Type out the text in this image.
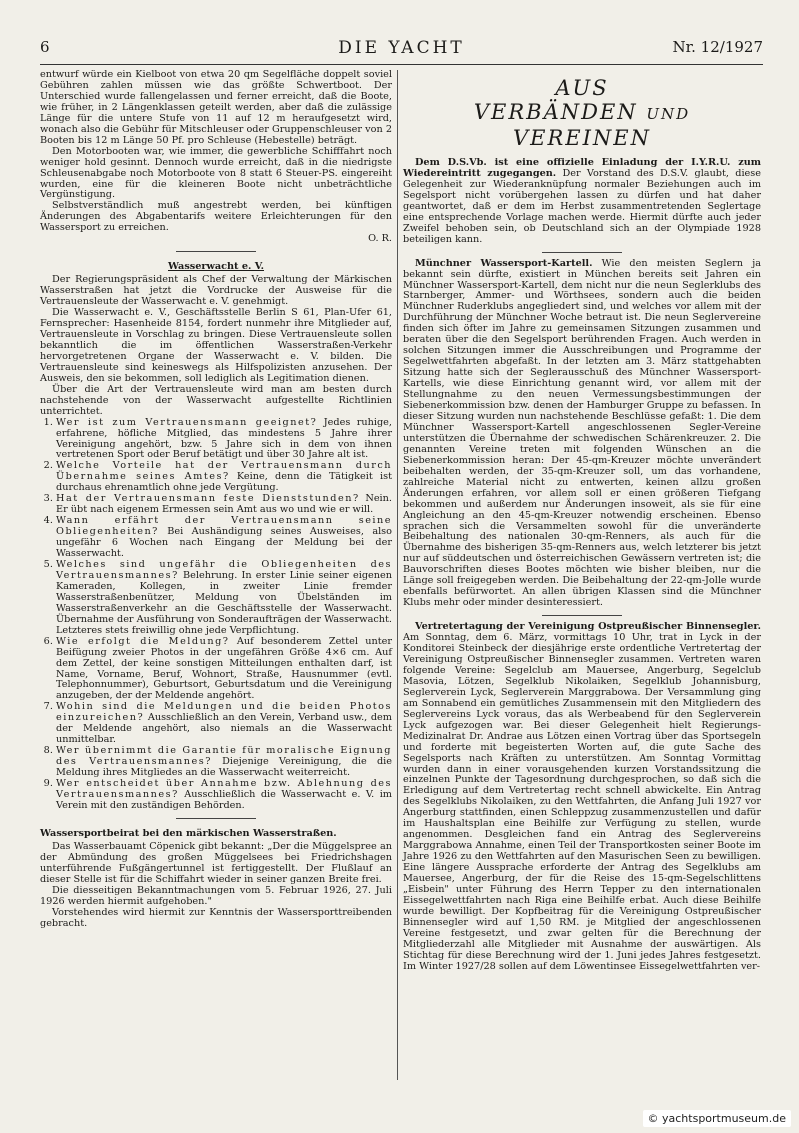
6	DIE YACHT	Nr. 12/1927

entwurf würde ein Kielboot von etwa 20 qm Segelfläche doppelt soviel Gebühren zahlen müssen wie das größte Schwertboot. Der Unterschied wurde fallengelassen und ferner erreicht, daß die Boote, wie früher, in 2 Längenklassen geteilt werden, aber daß die zulässige Länge für die untere Stufe von 11 auf 12 m heraufgesetzt wird, wonach also die Gebühr für Mitschleuser oder Gruppenschleuser von 2 Booten bis 12 m Länge 50 Pf. pro Schleuse (Hebestelle) beträgt.

Den Motorbooten war, wie immer, die gewerbliche Schifffahrt noch weniger hold gesinnt. Dennoch wurde erreicht, daß in die niedrigste Schleusenabgabe noch Motorboote von 8 statt 6 Steuer-PS. eingereiht wurden, eine für die kleineren Boote nicht unbeträchtliche Vergünstigung.

Selbstverständlich muß angestrebt werden, bei künftigen Änderungen des Abgabentarifs weitere Erleichterungen für den Wassersport zu erreichen.

O. R.
Wasserwacht e. V.

Der Regierungspräsident als Chef der Verwaltung der Märkischen Wasserstraßen hat jetzt die Vordrucke der Ausweise für die Vertrauensleute der Wasserwacht e. V. genehmigt.

Die Wasserwacht e. V., Geschäftsstelle Berlin S 61, Plan-Ufer 61, Fernsprecher: Hasenheide 8154, fordert nunmehr ihre Mitglieder auf, Vertrauensleute in Vorschlag zu bringen. Diese Vertrauensleute sollen bekanntlich die im öffentlichen Wasserstraßen-Verkehr hervorgetretenen Organe der Wasserwacht e. V. bilden. Die Vertrauensleute sind keineswegs als Hilfspolizisten anzusehen. Der Ausweis, den sie bekommen, soll lediglich als Legitimation dienen.

Über die Art der Vertrauensleute wird man am besten durch nachstehende von der Wasserwacht aufgestellte Richtlinien unterrichtet.

1. Wer ist zum Vertrauensmann geeignet? Jedes ruhige, erfahrene, höfliche Mitglied, das mindestens 5 Jahre ihrer Vereinigung angehört, bzw. 5 Jahre sich in dem von ihnen vertretenen Sport oder Beruf betätigt und über 30 Jahre alt ist.
2. Welche Vorteile hat der Vertrauensmann durch Übernahme seines Amtes? Keine, denn die Tätigkeit ist durchaus ehrenamtlich ohne jede Vergütung.
3. Hat der Vertrauensmann feste Dienststunden? Nein. Er übt nach eigenem Ermessen sein Amt aus wo und wie er will.
4. Wann erfährt der Vertrauensmann seine Obliegenheiten? Bei Aushändigung seines Ausweises, also ungefähr 6 Wochen nach Eingang der Meldung bei der Wasserwacht.
5. Welches sind ungefähr die Obliegenheiten des Vertrauensmannes? Belehrung. In erster Linie seiner eigenen Kameraden, Kollegen, in zweiter Linie fremder Wasserstraßenbenützer, Meldung von Übelständen im Wasserstraßenverkehr an die Geschäftsstelle der Wasserwacht. Übernahme der Ausführung von Sonderaufträgen der Wasserwacht. Letzteres stets freiwillig ohne jede Verpflichtung.
6. Wie erfolgt die Meldung? Auf besonderem Zettel unter Beifügung zweier Photos in der ungefähren Größe 4×6 cm. Auf dem Zettel, der keine sonstigen Mitteilungen enthalten darf, ist Name, Vorname, Beruf, Wohnort, Straße, Hausnummer (evtl. Telephonnummer), Geburtsort, Geburtsdatum und die Vereinigung anzugeben, der der Meldende angehört.
7. Wohin sind die Meldungen und die beiden Photos einzureichen? Ausschließlich an den Verein, Verband usw., dem der Meldende angehört, also niemals an die Wasserwacht unmittelbar.
8. Wer übernimmt die Garantie für moralische Eignung des Vertrauensmannes? Diejenige Vereinigung, die die Meldung ihres Mitgliedes an die Wasserwacht weiterreicht.
9. Wer entscheidet über Annahme bzw. Ablehnung des Vertrauensmannes? Ausschließlich die Wasserwacht e. V. im Verein mit den zuständigen Behörden.
Wassersportbeirat bei den märkischen Wasserstraßen.

Das Wasserbauamt Cöpenick gibt bekannt: „Der die Müggelspree an der Abmündung des großen Müggelsees bei Friedrichshagen unterführende Fußgängertunnel ist fertiggestellt. Der Flußlauf an dieser Stelle ist für die Schiffahrt wieder in seiner ganzen Breite frei.

Die diesseitigen Bekanntmachungen vom 5. Februar 1926, 27. Juli 1926 werden hiermit aufgehoben."

Vorstehendes wird hiermit zur Kenntnis der Wassersporttreibenden gebracht.

AUS
VERBÄNDEN UND VEREINEN

Dem D.S.Vb. ist eine offizielle Einladung der I.Y.R.U. zum Wiedereintritt zugegangen. Der Vorstand des D.S.V. glaubt, diese Gelegenheit zur Wiederanknüpfung normaler Beziehungen auch im Segelsport nicht vorübergehen lassen zu dürfen und hat daher geantwortet, daß er dem im Herbst zusammentretenden Seglertage eine entsprechende Vorlage machen werde. Hiermit dürfte auch jeder Zweifel behoben sein, ob Deutschland sich an der Olympiade 1928 beteiligen kann.

Münchner Wassersport-Kartell. Wie den meisten Seglern ja bekannt sein dürfte, existiert in München bereits seit Jahren ein Münchner Wassersport-Kartell, dem nicht nur die neun Seglerklubs des Starnberger, Ammer- und Wörthsees, sondern auch die beiden Münchner Ruderklubs angegliedert sind, und welches vor allem mit der Durchführung der Münchner Woche betraut ist. Die neun Seglervereine finden sich öfter im Jahre zu gemeinsamen Sitzungen zusammen und beraten über die den Segelsport berührenden Fragen. Auch werden in solchen Sitzungen immer die Ausschreibungen und Programme der Segelwettfahrten abgefaßt. In der letzten am 3. März stattgehabten Sitzung hatte sich der Seglerausschuß des Münchner Wassersport-Kartells, wie diese Einrichtung genannt wird, vor allem mit der Stellungnahme zu den neuen Vermessungsbestimmungen der Siebenerkommission bzw. denen der Hamburger Gruppe zu befassen. In dieser Sitzung wurden nun nachstehende Beschlüsse gefaßt: 1. Die dem Münchner Wassersport-Kartell angeschlossenen Segler-Vereine unterstützen die Übernahme der schwedischen Schärenkreuzer. 2. Die genannten Vereine treten mit folgenden Wünschen an die Siebenerkommission heran: Der 45-qm-Kreuzer möchte unverändert beibehalten werden, der 35-qm-Kreuzer soll, um das vorhandene, zahlreiche Material nicht zu entwerten, keinen allzu großen Änderungen erfahren, vor allem soll er einen größeren Tiefgang bekommen und außerdem nur Änderungen insoweit, als sie für eine Angleichung an den 45-qm-Kreuzer notwendig erscheinen. Ebenso sprachen sich die Versammelten sowohl für die unveränderte Beibehaltung des nationalen 30-qm-Renners, als auch für die Übernahme des bisherigen 35-qm-Renners aus, welch letzterer bis jetzt nur auf süddeutschen und österreichischen Gewässern vertreten ist; die Bauvorschriften dieses Bootes möchten wie bisher bleiben, nur die Länge soll freigegeben werden. Die Beibehaltung der 22-qm-Jolle wurde ebenfalls befürwortet. An allen übrigen Klassen sind die Münchner Klubs mehr oder minder desinteressiert.

Vertretertagung der Vereinigung Ostpreußischer Binnensegler. Am Sonntag, dem 6. März, vormittags 10 Uhr, trat in Lyck in der Konditorei Steinbeck der diesjährige erste ordentliche Vertretertag der Vereinigung Ostpreußischer Binnensegler zusammen. Vertreten waren folgende Vereine: Segelclub am Mauersee, Angerburg, Segelclub Masovia, Lötzen, Segelklub Nikolaiken, Segelklub Johannisburg, Seglerverein Lyck, Seglerverein Marggrabowa. Der Versammlung ging am Sonnabend ein gemütliches Zusammensein mit den Mitgliedern des Seglervereins Lyck voraus, das als Werbeabend für den Seglerverein Lyck aufgezogen war. Bei dieser Gelegenheit hielt Regierungs-Medizinalrat Dr. Andrae aus Lötzen einen Vortrag über das Sportsegeln und forderte mit begeisterten Worten auf, die gute Sache des Segelsports nach Kräften zu unterstützen. Am Sonntag Vormittag wurden dann in einer vorausgehenden kurzen Vorstandssitzung die einzelnen Punkte der Tagesordnung durchgesprochen, so daß sich die Erledigung auf dem Vertretertag recht schnell abwickelte. Ein Antrag des Segelklubs Nikolaiken, zu den Wettfahrten, die Anfang Juli 1927 vor Angerburg stattfinden, einen Schleppzug zusammenzustellen und dafür im Haushaltsplan eine Beihilfe zur Verfügung zu stellen, wurde angenommen. Desgleichen fand ein Antrag des Seglervereins Marggrabowa Annahme, einen Teil der Transportkosten seiner Boote im Jahre 1926 zu den Wettfahrten auf den Masurischen Seen zu bewilligen. Eine längere Aussprache erforderte der Antrag des Segelklubs am Mauersee, Angerburg, der für die Reise des 15-qm-Segelschlittens „Eisbein" unter Führung des Herrn Tepper zu den internationalen Eissegelwettfahrten nach Riga eine Beihilfe erbat. Auch diese Beihilfe wurde bewilligt. Der Kopfbeitrag für die Vereinigung Ostpreußischer Binnensegler wird auf 1,50 RM. je Mitglied der angeschlossenen Vereine festgesetzt, und zwar gelten für die Berechnung der Mitgliederzahl alle Mitglieder mit Ausnahme der auswärtigen. Als Stichtag für diese Berechnung wird der 1. Juni jedes Jahres festgesetzt. Im Winter 1927/28 sollen auf dem Löwentinsee Eissegelwettfahrten ver-

© yachtsportmuseum.de
